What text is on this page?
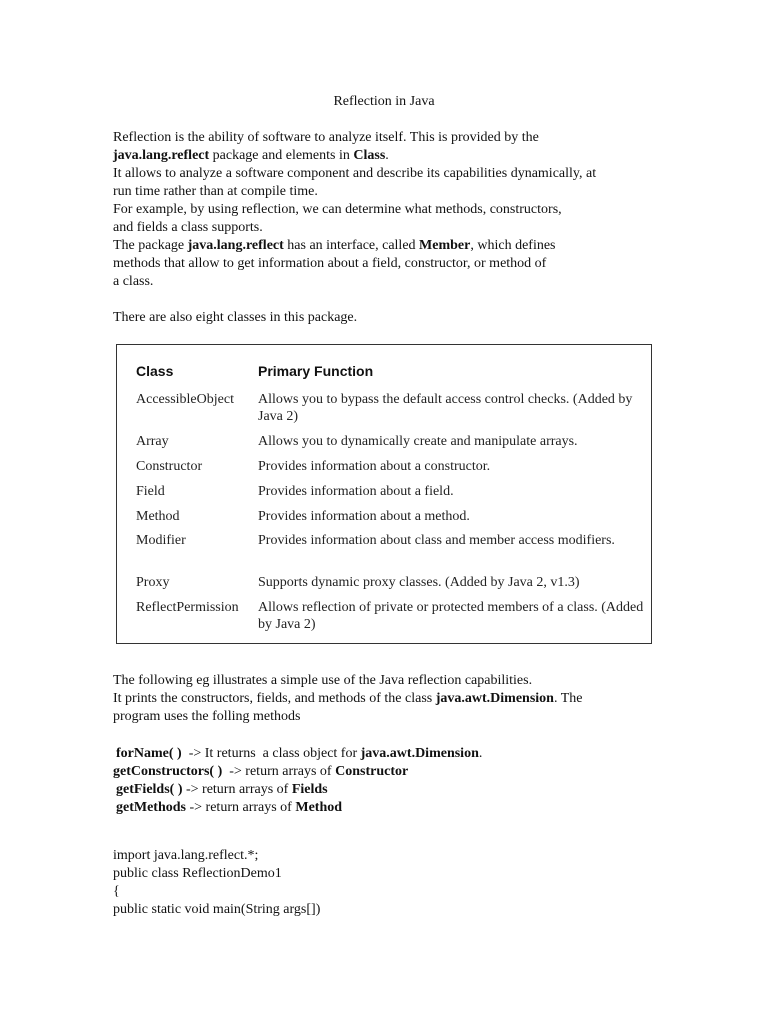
Reflection in Java
Reflection is the ability of software to analyze itself. This is provided by the
java.lang.reflect package and elements in Class.
It allows to analyze a software component and describe its capabilities dynamically, at
run time rather than at compile time.
For example, by using reflection, we can determine what methods, constructors,
and fields a class supports.
The package java.lang.reflect has an interface, called Member, which defines
methods that allow to get information about a field, constructor, or method of
a class.
There are also eight classes in this package.
Class	Primary Function
AccessibleObject Allows you to bypass the default access control checks. (Added by Java 2)
Array	Allows you to dynamically create and manipulate arrays.
Constructor	Provides information about a constructor.
Field	Provides information about a field.
Method	Provides information about a method.
Modifier	Provides information about class and member access modifiers.
Proxy	Supports dynamic proxy classes. (Added by Java 2, v1.3)
ReflectPermission Allows reflection of private or protected members of a class. (Added by Java 2)
The following eg illustrates a simple use of the Java reflection capabilities.
It prints the constructors, fields, and methods of the class java.awt.Dimension. The
program uses the folling methods
forName( )  -> It returns  a class object for java.awt.Dimension.
getConstructors( )  -> return arrays of Constructor
getFields( ) -> return arrays of Fields
getMethods -> return arrays of Method
import java.lang.reflect.*;
public class ReflectionDemo1
{
public static void main(String args[])
